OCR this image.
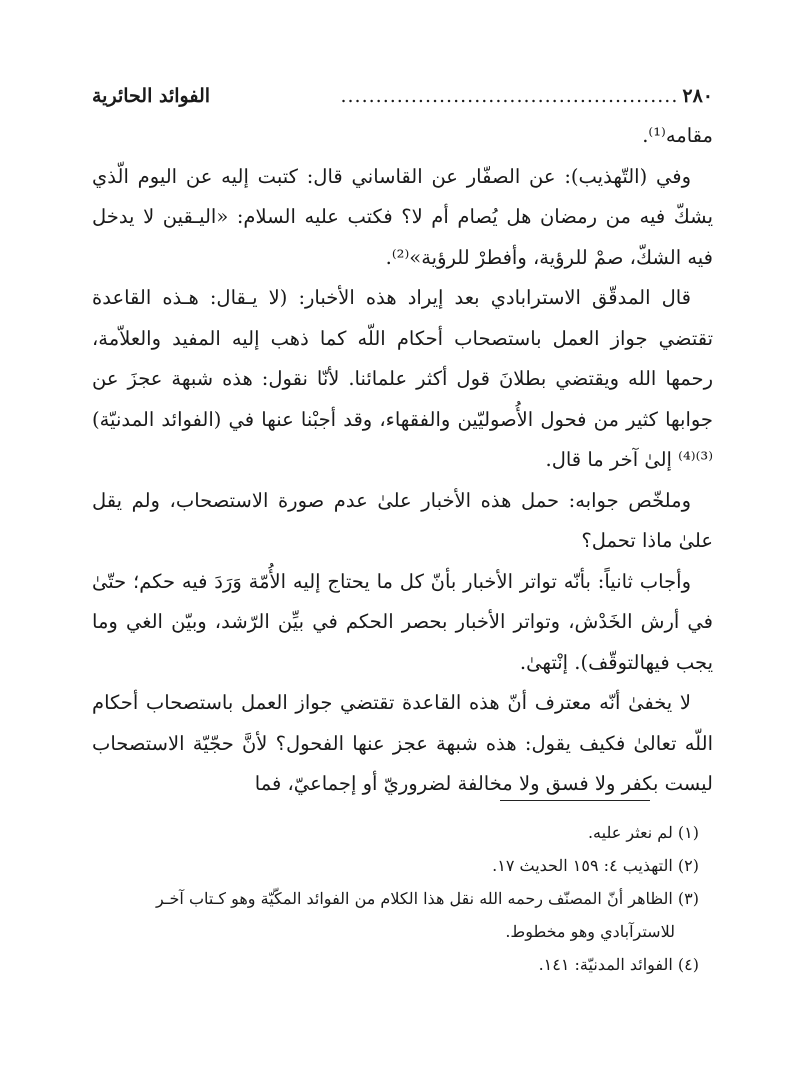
٢٨٠
................................................
الفوائد الحائرية

مقامه⁽¹⁾.

وفي (التّهذيب): عن الصفّار عن القاساني قال: كتبت إليه عن اليوم الّذي يشكّ فيه من رمضان هل يُصام أم لا؟ فكتب عليه السلام: «اليـقين لا يدخل فيه الشكّ، صمْ للرؤية، وأفطرْ للرؤية»⁽²⁾.

قال المدقّق الاسترابادي بعد إيراد هذه الأخبار: (لا يـقال: هـذه القاعدة تقتضي جواز العمل باستصحاب أحكام اللّه كما ذهب إليه المفيد والعلاّمة، رحمها الله ويقتضي بطلانَ قول أكثر علمائنا. لأنّا نقول: هذه شبهة عجزَ عن جوابها كثير من فحول الأُصوليّين والفقهاء، وقد أجبْنا عنها في (الفوائد المدنيّة)⁽³⁾⁽⁴⁾ إلىٰ آخر ما قال.

وملخّص جوابه: حمل هذه الأخبار علىٰ عدم صورة الاستصحاب، ولم يقل علىٰ ماذا تحمل؟

وأجاب ثانياً: بأنّه تواتر الأخبار بأنّ كل ما يحتاج إليه الأُمّة وَرَدَ فيه حكم؛ حتّىٰ في أرش الخَدْش، وتواتر الأخبار بحصر الحكم في بيِّن الرّشد، وبيّن الغي وما يجب فيهالتوقّف). إنْتهىٰ.

لا يخفىٰ أنّه معترف أنّ هذه القاعدة تقتضي جواز العمل باستصحاب أحكام اللّه تعالىٰ فكيف يقول: هذه شبهة عجز عنها الفحول؟ لأنَّ حجّيّة الاستصحاب ليست بكفر ولا فسق ولا مخالفة لضروريّ أو إجماعيّ، فما

(١) لم نعثر عليه.

(٢) التهذيب ٤: ١٥٩ الحديث ١٧.

(٣) الظاهر أنّ المصنّف رحمه الله نقل هذا الكلام من الفوائد المكّيّة وهو كـتاب آخـر

للاسترآبادي وهو مخطوط.

(٤) الفوائد المدنيّة: ١٤١.
